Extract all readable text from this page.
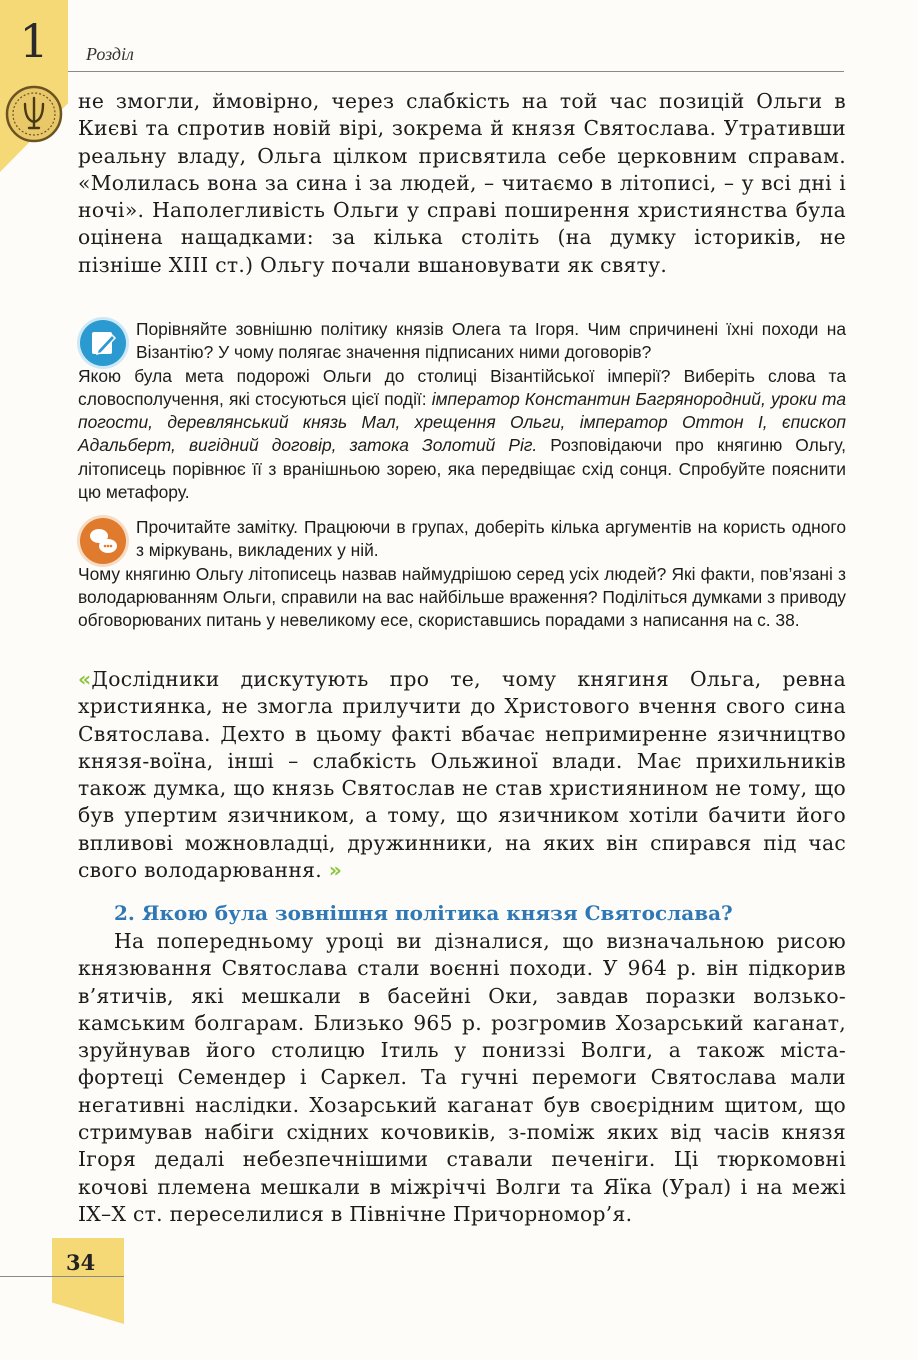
1	Розділ

не змогли, ймовірно, через слабкість на той час позицій Ольги в Києві та спротив новій вірі, зокрема й князя Святослава. Утративши реальну владу, Ольга цілком присвятила себе церковним справам. «Молилась вона за сина і за людей, – читаємо в літописі, – у всі дні і ночі». Наполегливість Ольги у справі поширення християнства була оцінена нащадками: за кілька століть (на думку істориків, не пізніше XIII ст.) Ольгу почали вшановувати як святу.

Порівняйте зовнішню політику князів Олега та Ігоря. Чим спричинені їхні походи на Візантію? У чому полягає значення підписаних ними договорів?
Якою була мета подорожі Ольги до столиці Візантійської імперії? Виберіть слова та словосполучення, які стосуються цієї події: імператор Константин Багрянородний, уроки та погости, деревлянський князь Мал, хрещення Ольги, імператор Оттон I, єпископ Адальберт, вигідний договір, затока Золотий Ріг. Розповідаючи про княгиню Ольгу, літописець порівнює її з вранішньою зорею, яка передвіщає схід сонця. Спробуйте пояснити цю метафору.

Прочитайте замітку. Працюючи в групах, доберіть кілька аргументів на користь одного з міркувань, викладених у ній.
Чому княгиню Ольгу літописець назвав наймудрішою серед усіх людей? Які факти, пов’язані з володарюванням Ольги, справили на вас найбільше враження? Поділіться думками з приводу обговорюваних питань у невеликому есе, скориставшись порадами з написання на с. 38.

«Дослідники дискутують про те, чому княгиня Ольга, ревна християнка, не змогла прилучити до Христового вчення свого сина Святослава. Дехто в цьому факті вбачає непримиренне язичництво князя-воїна, інші – слабкість Ольжиної влади. Має прихильників також думка, що князь Святослав не став християнином не тому, що був упертим язичником, а тому, що язичником хотіли бачити його впливові можновладці, дружинники, на яких він спирався під час свого володарювання. »

2. Якою була зовнішня політика князя Святослава?

На попередньому уроці ви дізналися, що визначальною рисою князювання Святослава стали воєнні походи. У 964 р. він підкорив в’ятичів, які мешкали в басейні Оки, завдав поразки волзько-камським болгарам. Близько 965 р. розгромив Хозарський каганат, зруйнував його столицю Ітиль у пониззі Волги, а також міста-фортеці Семендер і Саркел. Та гучні перемоги Святослава мали негативні наслідки. Хозарський каганат був своєрідним щитом, що стримував набіги східних кочовиків, з-поміж яких від часів князя Ігоря дедалі небезпечнішими ставали печеніги. Ці тюркомовні кочові племена мешкали в міжріччі Волги та Яїка (Урал) і на межі IX–X ст. переселилися в Північне Причорномор’я.

34
